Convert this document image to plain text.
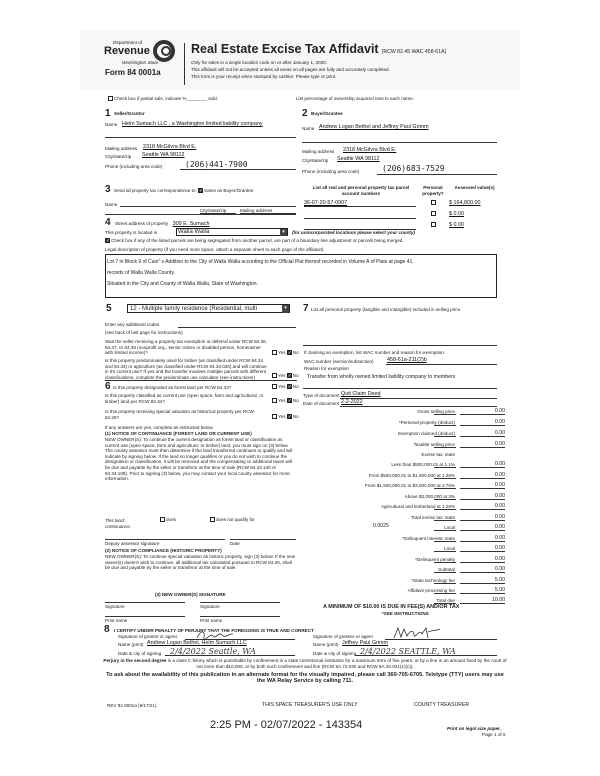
Department of
Revenue
Washington State
Form 84 0001a
Real Estate Excise Tax Affidavit (RCW 82.45 WAC 458-61A)
Only for sales in a single location code on or after January 1, 2020.
This affidavit will not be accepted unless all areas on all pages are fully and accurately completed.
This form is your receipt when stamped by cashier. Please type or print.
Check box if partial sale, indicate %________ sold.	List percentage of ownership acquired next to each name.
1 Seller/Grantor
Name Helm Sumach LLC , a Washington limited liability company
Mailing address 2318 McGilvra Blvd E.
City/state/zip Seattle WA 98112
Phone (including area code)	(206)441-7900
2 Buyer/Grantee
Name Andrew Logan Bethel and Jeffrey Paul Grimm
Mailing address 2318 McGilvra Blvd E.
City/state/zip Seattle WA 98112
Phone (including area code)	(206)683-7529
3 Send all property tax correspondence to: ✓Same as Buyer/Grantee
Name
List all real and personal property tax parcel account numbers
Personal property?
Assessed value(s)
36-07-20-57-0907	$ 164,800.00
$ 0.00
$ 0.00
4 Street address of property 309 E. Sumach
Mailing address
City/state/zip
This property is located in	Walla Walla	▾	(for unincorporated locations please select your county)
✓Check box if any of the listed parcels are being segregated from another parcel, are part of a boundary line adjustment or parcels being merged.
Legal description of property (if you need more space, attach a separate sheet to each page of the affidavit).
Lot 7 in Block 9 of Cain” s Addition to the City of Walla Walla according to the Official Plat thereof recorded in Volume A of Plats at page 41,
records of Walla Walla County.
Situated in the City and County of Walla Walla, State of Washington.
5	12 - Multiple family residence (Residential, multi	▾
Enter any additional codes
(see back of last page for instructions)
Was the seller receiving a property tax exemption or deferral under RCW 84.36, 84.37, or 84.38 (nonprofit org., senior citizen or disabled person, homeowner with limited income)?	Yes ✓No
Is this property predominately used for timber (as classified under RCW 84.34 and 84.33) or agriculture (as classified under RCW 84.34.020) and will continue in it's current use? If yes and the transfer involves multiple parcels with different classifications, complete the predominate use calculator (see instructions)	Yes ✓No
6 Is this property designated as forest land per RCW 84.33?	Yes ✓No
Is this property classified as current use (open space, farm and agricultural, or timber) land per RCW 84.34?	Yes ✓No
Is this property receiving special valuation as historical property per RCW 84.26?	Yes ✓No
If any answers are yes, complete as instructed below.
(1) NOTICE OF CONTINUANCE (FOREST LAND OR CURRENT USE)
NEW OWNER(S): To continue the current designation as forest land or classification as current use (open space, farm and agriculture, or timber) land, you must sign on (3) below. The county assessor must then determine if the land transferred continues to qualify and will indicate by signing below. If the land no longer qualifies or you do not wish to continue the designation or classification, it will be removed and the compensating or additional taxes will be due and payable by the seller or transferor at the time of sale (RCW 84.33.140 or 84.34.108). Prior to signing (3) below, you may contact your local county assessor for more information.
This land:	does	does not qualify for
continuance.
Deputy assessor signature	Date
(2) NOTICE OF COMPLIANCE (HISTORIC PROPERTY)
NEW OWNER(S): To continue special valuation as historic property, sign (3) below. If the new owner(s) doesn't wish to continue, all additional tax calculated pursuant to RCW 84.26, shall be due and payable by the seller or transferor at the time of sale.
(3) NEW OWNER(S) SIGNATURE
Signature	Signature
Print name	Print name
7 List all personal property (tangible and intangible) included in selling price.
If claiming an exemption, list WAC number and reason for exemption.
WAC number (section/subsection) 458-61a-211(2)b
Reason for exemption
Transfer from wholly owned limited liability company to members
Type of document Quit Claim Deed
Date of document 2-2-2022
Gross selling price	0.00
*Personal property (deduct)	0.00
Exemption claimed (deduct)	0.00
Taxable selling price	0.00
Excise tax: state
Less than $500,000.01 at 1.1%	0.00
From $500,000.01 to $1,500,000 at 1.28%	0.00
From $1,500,000.01 to $3,000,000 at 2.75%	0.00
Above $3,000,000 at 3%	0.00
Agricultural and timberland at 1.28%	0.00
Total excise tax: state	0.00
Local	0.00
*Delinquent interest: state	0.00
Local	0.00
*Delinquent penalty	0.00
Subtotal	0.00
*State technology fee	5.00
Affidavit processing fee	5.00
Total due	10.00
0.0025
A MINIMUM OF $10.00 IS DUE IN FEE(S) AND/OR TAX
*SEE INSTRUCTIONS
8 I CERTIFY UNDER PENALTY OF PERJURY THAT THE FOREGOING IS TRUE AND CORRECT
Signature of grantor or agent
Name (print) Andrew Logan Bethel, Helm Sumach LLC
Date & city of signing 2/4/2022 Seattle, WA
Signature of grantee or agent
Name (print) Jeffrey Paul Grimm
Date & city of signing 2/4/2022 SEATTLE, WA
Perjury in the second degree is a class C felony which is punishable by confinement in a state correctional institution for a maximum term of five years, or by a fine in an amount fixed by the court of not more than $10,000, or by both such confinement and fine (RCW 9A.72.030 and RCW 9A.20.021(1)(c)).
To ask about the availability of this publication in an alternate format for the visually impaired, please call 360-705-6705. Teletype (TTY) users may use the WA Relay Service by calling 711.
REV 84 0001a (9/17/21)	THIS SPACE TREASURER'S USE ONLY	COUNTY TREASURER
2:25 PM - 02/07/2022 - 143354	Print on legal size paper.
Page 1 of 6
